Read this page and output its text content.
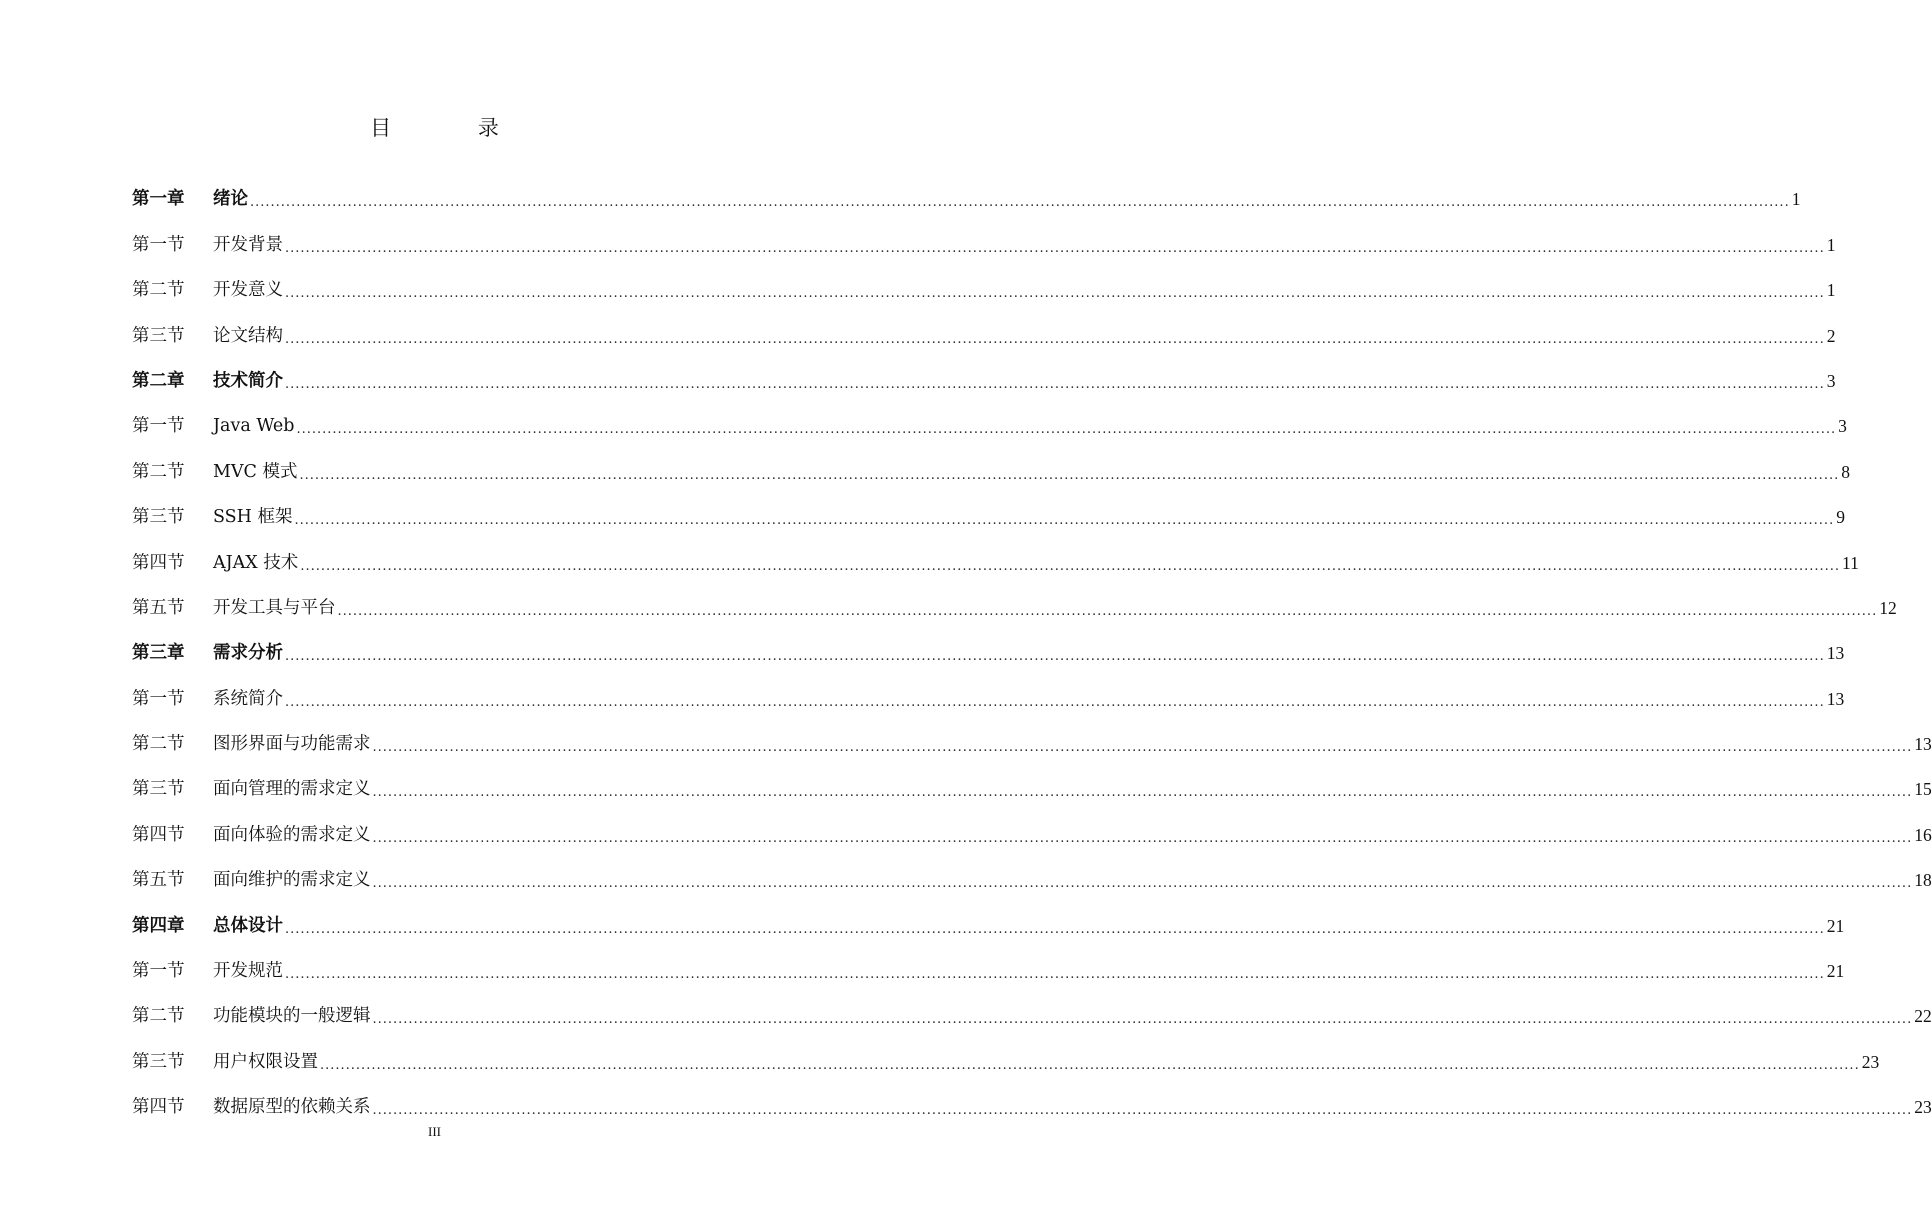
目 录
第一章	绪论 ............................................................................................................................................................................................................................................................................................................ 1
第一节	开发背景 ............................................................................................................................................................................................................................................................................................................ 1
第二节	开发意义 ............................................................................................................................................................................................................................................................................................................ 1
第三节	论文结构 ............................................................................................................................................................................................................................................................................................................ 2
第二章	技术简介 ............................................................................................................................................................................................................................................................................................................ 3
第一节	Java Web ............................................................................................................................................................................................................................................................................................................ 3
第二节	MVC 模式 ............................................................................................................................................................................................................................................................................................................ 8
第三节	SSH 框架 ............................................................................................................................................................................................................................................................................................................ 9
第四节	AJAX 技术 ............................................................................................................................................................................................................................................................................................................ 11
第五节	开发工具与平台 ............................................................................................................................................................................................................................................................................................................ 12
第三章	需求分析 ............................................................................................................................................................................................................................................................................................................ 13
第一节	系统简介 ............................................................................................................................................................................................................................................................................................................ 13
第二节	图形界面与功能需求 ............................................................................................................................................................................................................................................................................................................ 13
第三节	面向管理的需求定义 ............................................................................................................................................................................................................................................................................................................ 15
第四节	面向体验的需求定义 ............................................................................................................................................................................................................................................................................................................ 16
第五节	面向维护的需求定义 ............................................................................................................................................................................................................................................................................................................ 18
第四章	总体设计 ............................................................................................................................................................................................................................................................................................................ 21
第一节	开发规范 ............................................................................................................................................................................................................................................................................................................ 21
第二节	功能模块的一般逻辑 ............................................................................................................................................................................................................................................................................................................ 22
第三节	用户权限设置 ............................................................................................................................................................................................................................................................................................................ 23
第四节	数据原型的依赖关系 ............................................................................................................................................................................................................................................................................................................ 23
III
